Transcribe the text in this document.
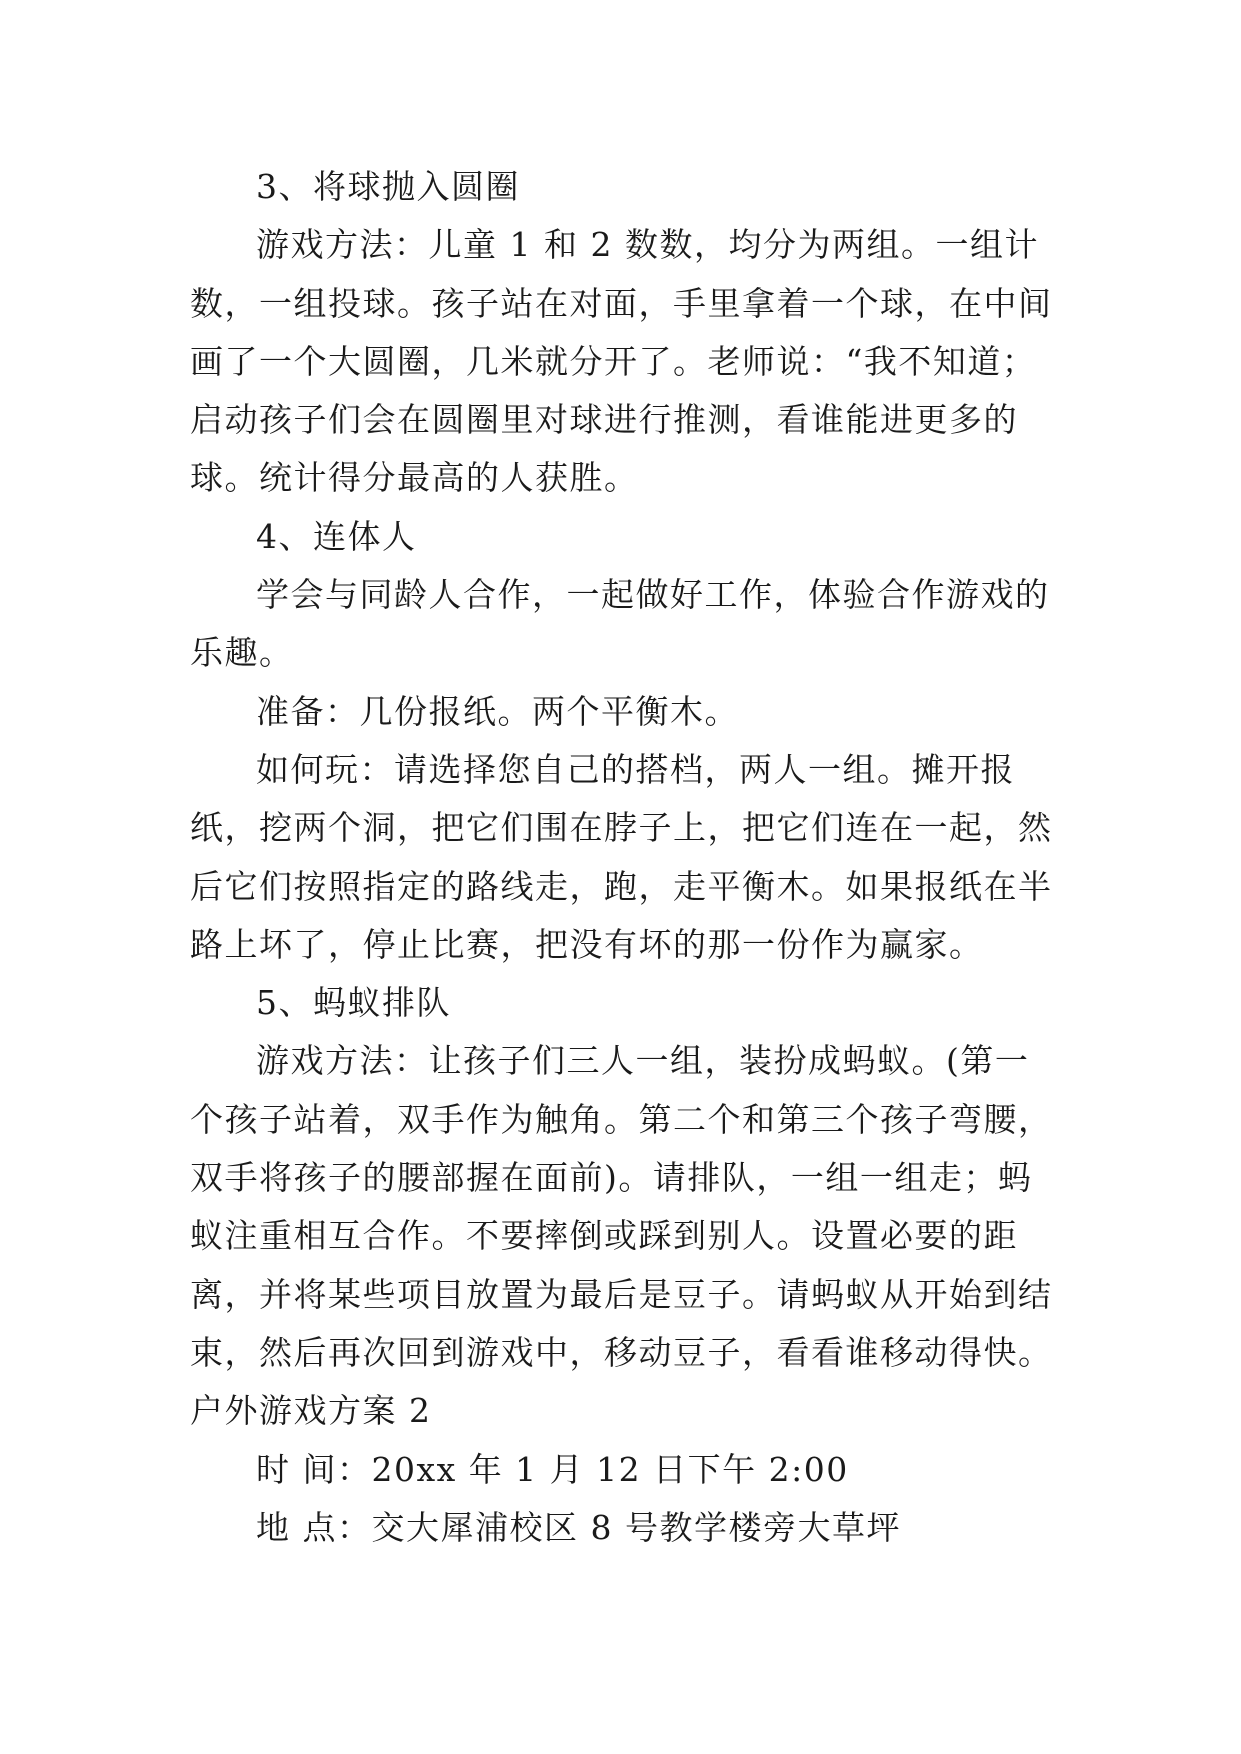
3、将球抛入圆圈

游戏方法：儿童 1 和 2 数数，均分为两组。一组计数，一组投球。孩子站在对面，手里拿着一个球，在中间画了一个大圆圈，几米就分开了。老师说：“我不知道；启动孩子们会在圆圈里对球进行推测，看谁能进更多的球。统计得分最高的人获胜。

4、连体人

学会与同龄人合作，一起做好工作，体验合作游戏的乐趣。

准备：几份报纸。两个平衡木。

如何玩：请选择您自己的搭档，两人一组。摊开报纸，挖两个洞，把它们围在脖子上，把它们连在一起，然后它们按照指定的路线走，跑，走平衡木。如果报纸在半路上坏了，停止比赛，把没有坏的那一份作为赢家。

5、蚂蚁排队

游戏方法：让孩子们三人一组，装扮成蚂蚁。(第一个孩子站着，双手作为触角。第二个和第三个孩子弯腰，双手将孩子的腰部握在面前)。请排队，一组一组走；蚂蚁注重相互合作。不要摔倒或踩到别人。设置必要的距离，并将某些项目放置为最后是豆子。请蚂蚁从开始到结束，然后再次回到游戏中，移动豆子，看看谁移动得快。

户外游戏方案 2

时 间：20xx 年 1 月 12 日下午 2:00

地 点：交大犀浦校区 8 号教学楼旁大草坪
